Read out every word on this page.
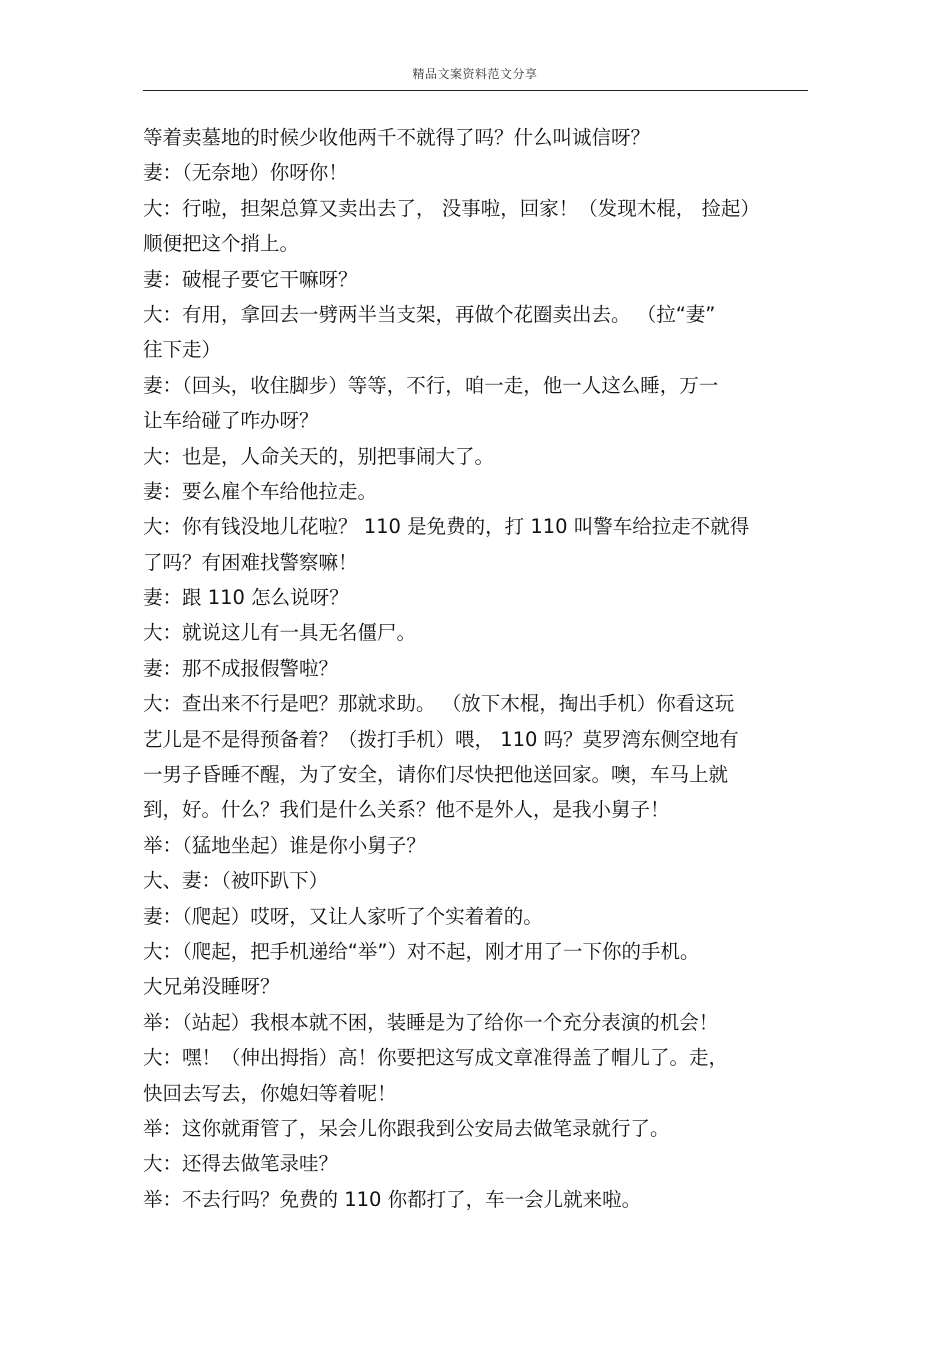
精品文案资料范文分享
等着卖墓地的时候少收他两千不就得了吗？什么叫诚信呀？
妻：（无奈地）你呀你！
大：行啦，担架总算又卖出去了， 没事啦，回家！（发现木棍， 捡起）
顺便把这个捎上。
妻：破棍子要它干嘛呀？
大：有用，拿回去一劈两半当支架，再做个花圈卖出去。 （拉“妻”
往下走）
妻：（回头，收住脚步）等等，不行，咱一走，他一人这么睡，万一
让车给碰了咋办呀？
大：也是，人命关天的，别把事闹大了。
妻：要么雇个车给他拉走。
大：你有钱没地儿花啦？ 110 是免费的，打 110 叫警车给拉走不就得
了吗？有困难找警察嘛！
妻：跟 110 怎么说呀？
大：就说这儿有一具无名僵尸。
妻：那不成报假警啦？
大：查出来不行是吧？那就求助。 （放下木棍，掏出手机）你看这玩
艺儿是不是得预备着？（拨打手机）喂， 110 吗？莫罗湾东侧空地有
一男子昏睡不醒，为了安全，请你们尽快把他送回家。噢，车马上就
到，好。什么？我们是什么关系？他不是外人，是我小舅子！
举：（猛地坐起）谁是你小舅子？
大、妻：（被吓趴下）
妻：（爬起）哎呀，又让人家听了个实着着的。
大：（爬起，把手机递给“举”）对不起，刚才用了一下你的手机。
大兄弟没睡呀？
举：（站起）我根本就不困，装睡是为了给你一个充分表演的机会！
大：嘿！（伸出拇指）高！你要把这写成文章准得盖了帽儿了。走，
快回去写去，你媳妇等着呢！
举：这你就甭管了，呆会儿你跟我到公安局去做笔录就行了。
大：还得去做笔录哇？
举：不去行吗？免费的 110 你都打了，车一会儿就来啦。
